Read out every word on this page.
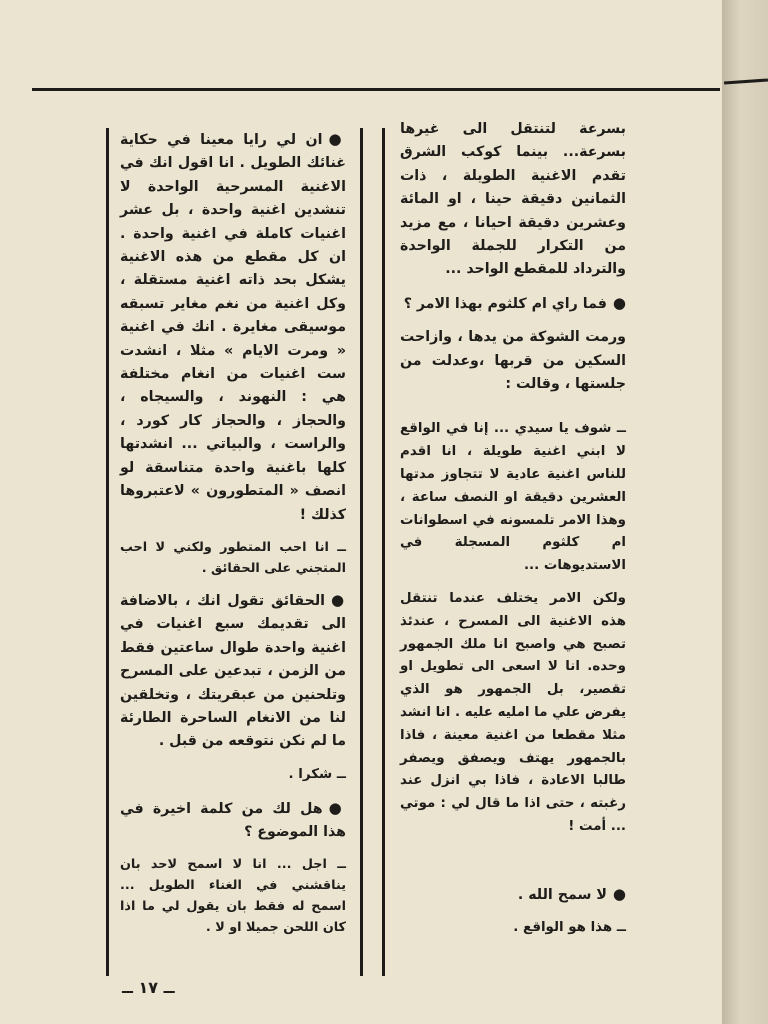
بسرعة لتنتقل الى غيرها بسرعة... بينما كوكب الشرق تقدم الاغنية الطويلة ، ذات الثمانين دقيقة حينا ، او المائة وعشرين دقيقة احيانا ، مع مزيد من التكرار للجملة الواحدة والترداد للمقطع الواحد ...

● فما راي ام كلثوم بهذا الامر ؟

ورمت الشوكة من يدها ، وازاحت السكين من قربها ،وعدلت من جلستها ، وقالت :

ــ شوف يا سيدي ... إنا في الواقع لا ابني اغنية طويلة ، انا اقدم للناس اغنية عادية لا تتجاوز مدتها العشرين دقيقة او النصف ساعة ، وهذا الامر تلمسونه في اسطوانات ام كلثوم المسجلة في الاستديوهات ...

ولكن الامر يختلف عندما تنتقل هذه الاغنية الى المسرح ، عندئذ تصبح هي واصبح انا ملك الجمهور وحده. انا لا اسعى الى تطويل او تقصير، بل الجمهور هو الذي يفرض علي ما امليه عليه . انا انشد مثلا مقطعا من اغنية معينة ، فاذا بالجمهور يهتف ويصفق ويصفر طالبا الاعادة ، فاذا بي انزل عند رغبته ، حتى اذا ما قال لي : موتي ... أمت !

● لا سمح الله .

ــ هذا هو الواقع .

● ان لي رايا معينا في حكاية غنائك الطويل . انا اقول انك في الاغنية المسرحية الواحدة لا تنشدين اغنية واحدة ، بل عشر اغنيات كاملة في اغنية واحدة . ان كل مقطع من هذه الاغنية يشكل بحد ذاته اغنية مستقلة ، وكل اغنية من نغم مغاير تسبقه موسيقى مغايرة . انك في اغنية « ومرت الايام » مثلا ، انشدت ست اغنيات من انغام مختلفة هي : النهوند ، والسيجاه ، والحجاز ، والحجاز كار كورد ، والراست ، والبياتي ... انشدتها كلها باغنية واحدة متناسقة لو انصف « المتطورون » لاعتبروها كذلك !

ــ انا احب المتطور ولكني لا احب المتجني على الحقائق .

● الحقائق تقول انك ، بالاضافة الى تقديمك سبع اغنيات في اغنية واحدة طوال ساعتين فقط من الزمن ، تبدعين على المسرح وتلحنين من عبقريتك ، وتخلقين لنا من الانغام الساحرة الطارئة ما لم نكن نتوقعه من قبل .

ــ شكرا .

● هل لك من كلمة اخيرة في هذا الموضوع ؟

ــ اجل ... انا لا اسمح لاحد بان يناقشني في الغناء الطويل ... اسمح له فقط بان يقول لي ما اذا كان اللحن جميلا او لا .

ــ ١٧ ــ
